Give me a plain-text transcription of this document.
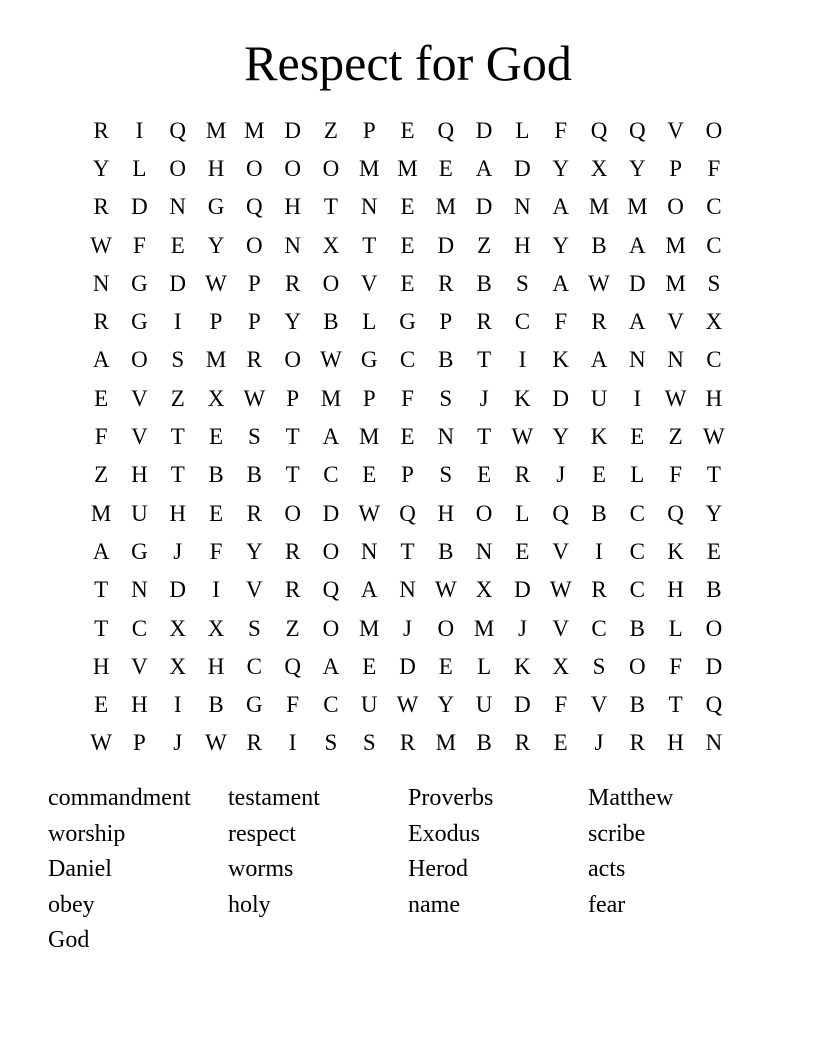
Respect for God
R	I	Q M M D Z	P	E Q D L	F	Q Q V O
Y L O H O O O M M E A D Y X Y	P	F
R D N G Q H T N E M D N A M M O C
W F	E Y O N X T	E D Z H Y B A M C
N G D W P	R O V E	R B	S	A W D M S
R G	I	P	P	Y B	L G	P	R C	F	R A V X
A O	S M R O W G C B	T	I	K A N N C
E V Z X W P M P	F	S	J	K D U	I	W H
F	V T	E	S	T A M E N T W Y K E	Z W
Z H T	B B	T	C	E	P	S	E	R	J	E	L	F	T
M U H E	R O D W Q H O L Q B C Q Y
A G	J	F	Y R O N T	B N E V	I	C K E
T N D	I	V R Q A N W X D W R C H B
T	C X X	S	Z O M	J	O M	J	V C B	L O
H V X H C Q A E D E	L K X	S	O	F	D
E H	I	B G	F	C U W Y U D	F	V B	T Q
W P	J W R	I	S	S	R M B R	E	J	R H N
commandment	testament	Proverbs	Matthew
worship	respect	Exodus	scribe
Daniel	worms	Herod	acts
obey	holy	name	fear
God
